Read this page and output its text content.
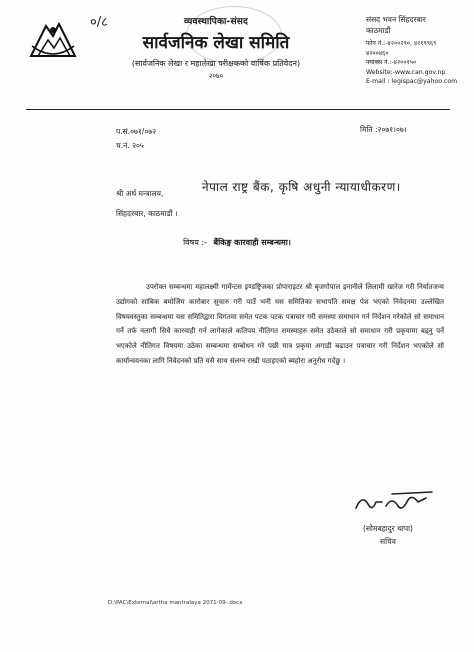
०/८	व्यवस्थापिका-संसद
सार्वजनिक लेखा समिति
(सार्वजनिक लेखा र महालेखा परीक्षकको वार्षिक प्रतिवेदन)
२०७०
संसद भवन सिंहदरबार
काठमाडौं
फोन नं.:-४२००२९०, ४२११९६९
४२००४६०
फ्याक्स नं.:-४२००१५०
Website:-www.can.gov.np
E-mail : legispac@yahoo.com
प.सं.०७१/०७२
च.नं. २०५
मिति :२०७१।०७।
श्री अर्थ मन्त्रालय,
सिंहदरबार, काठमाडौं ।
नेपाल राष्ट्र बैंक, कृषि अधुनी न्यायाधीकरण।
विषय :- बैंकिङ्ग कारवाही सम्बन्धमा।

उपरोक्त सम्बन्धमा महालक्ष्मी गार्मेन्टस इण्डष्ट्रिजका प्रोपाराइटर श्री बृजगोपाल इनानीले लिलामी खारेज गरी निर्यातजन्य उद्योगको साबिक बमोजिम कारोबार सुचारु गरी पाउँ भनी यस समितिका सभापति समक्ष पेश भएको निवेदनमा उल्लेखित विषयवस्तुका सम्बन्धमा यस समितिद्वारा विगतमा समेत पटक पटक पत्राचार गरी समस्या समाधान गर्न निर्देशन गरेकोले सो समाधान गर्ने तर्फ नलागी सिधै कारवाही गर्न लागेकाले कतिपय नीतिगत समस्याहरु समेत उठेकाले सो समाधान गरी प्रकृयामा बढ्नु पर्ने भएकोले नीतिगत विषयमा उठेका सम्बन्धमा सम्बोधन गरे पछी मात्र प्रकृया अगाडी बढाउन पत्राचार गरी निर्देशन भएकोले सो कार्यान्वयनका लागि निवेदनको प्रति यसै साथ संलग्न राखी पठाइएको ब्यहोरा अनुरोध गर्दछु ।

(सोमबहादुर थापा)
सचिव
D:\PAC\External\artha mantralaya 2071-09-.docx
